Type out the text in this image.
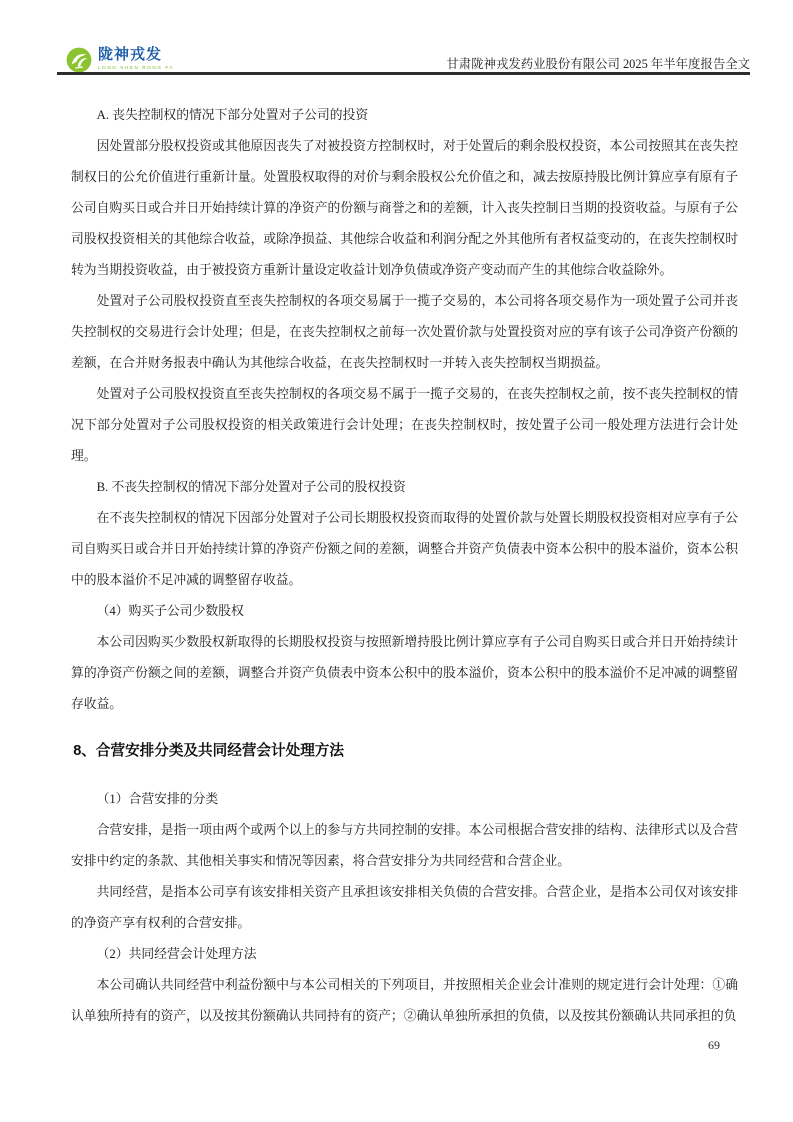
陇神戎发
LONG SHEN RONG FA	甘肃陇神戎发药业股份有限公司 2025 年半年度报告全文
A. 丧失控制权的情况下部分处置对子公司的投资
因处置部分股权投资或其他原因丧失了对被投资方控制权时，对于处置后的剩余股权投资，本公司按照其在丧失控制权日的公允价值进行重新计量。处置股权取得的对价与剩余股权公允价值之和，减去按原持股比例计算应享有原有子公司自购买日或合并日开始持续计算的净资产的份额与商誉之和的差额，计入丧失控制日当期的投资收益。与原有子公司股权投资相关的其他综合收益，或除净损益、其他综合收益和利润分配之外其他所有者权益变动的，在丧失控制权时转为当期投资收益，由于被投资方重新计量设定收益计划净负债或净资产变动而产生的其他综合收益除外。
处置对子公司股权投资直至丧失控制权的各项交易属于一揽子交易的，本公司将各项交易作为一项处置子公司并丧失控制权的交易进行会计处理；但是，在丧失控制权之前每一次处置价款与处置投资对应的享有该子公司净资产份额的差额，在合并财务报表中确认为其他综合收益，在丧失控制权时一并转入丧失控制权当期损益。
处置对子公司股权投资直至丧失控制权的各项交易不属于一揽子交易的，在丧失控制权之前，按不丧失控制权的情况下部分处置对子公司股权投资的相关政策进行会计处理；在丧失控制权时，按处置子公司一般处理方法进行会计处理。
B. 不丧失控制权的情况下部分处置对子公司的股权投资
在不丧失控制权的情况下因部分处置对子公司长期股权投资而取得的处置价款与处置长期股权投资相对应享有子公司自购买日或合并日开始持续计算的净资产份额之间的差额，调整合并资产负债表中资本公积中的股本溢价，资本公积中的股本溢价不足冲减的调整留存收益。
（4）购买子公司少数股权
本公司因购买少数股权新取得的长期股权投资与按照新增持股比例计算应享有子公司自购买日或合并日开始持续计算的净资产份额之间的差额，调整合并资产负债表中资本公积中的股本溢价，资本公积中的股本溢价不足冲减的调整留存收益。
8、合营安排分类及共同经营会计处理方法
（1）合营安排的分类
合营安排，是指一项由两个或两个以上的参与方共同控制的安排。本公司根据合营安排的结构、法律形式以及合营安排中约定的条款、其他相关事实和情况等因素，将合营安排分为共同经营和合营企业。
共同经营，是指本公司享有该安排相关资产且承担该安排相关负债的合营安排。合营企业，是指本公司仅对该安排的净资产享有权利的合营安排。
（2）共同经营会计处理方法
本公司确认共同经营中利益份额中与本公司相关的下列项目，并按照相关企业会计准则的规定进行会计处理：①确认单独所持有的资产，以及按其份额确认共同持有的资产；②确认单独所承担的负债，以及按其份额确认共同承担的负
69
